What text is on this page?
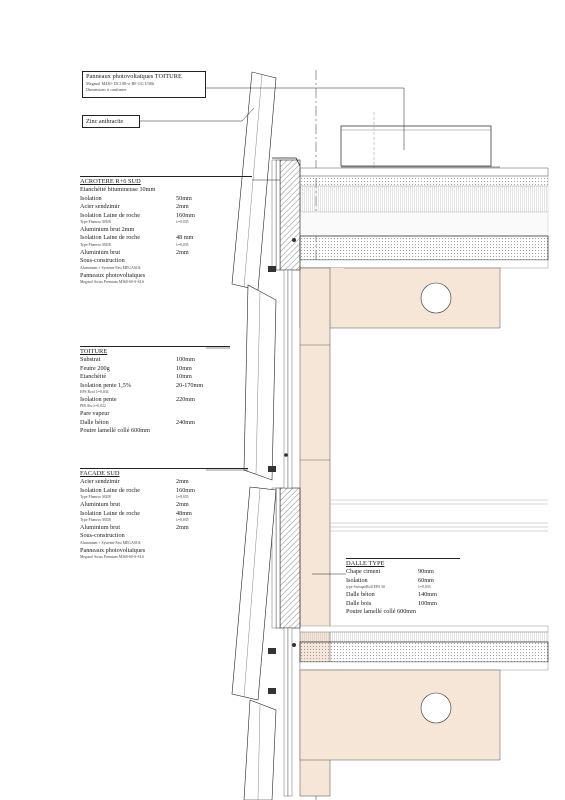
Panneaux photovoltaïques TOITURE
Megasol M430- DC108-w BF GG U30h
Dimensions à confirmer
Zinc anthracite
ACROTERE R+6 SUD
Etanchéité bitumineuse 10mm
Isolation	50mm
Acier sendzimir	2mm
Isolation Laine de roche	160mm
Type Flumroc MUR	λ=0,035
Aluminium brut 2mm
Isolation Laine de roche	48 mm
Type Flumroc MUR	λ=0,035
Aluminium brut	2mm
Sous-construction
Aluminium + Systeme Fast MEGASOL
Panneaux photovoltaïques
Megasol Swiss Premium M360-60-S-SLS
TOITURE
Substrat	100mm
Feutre 200g	10mm
Etanchéité	10mm
Isolation pente 1,5%	20-170mm
EPS Roof λ=0,034
Isolation pente	220mm
PIR Alu λ=0,022
Pare vapeur
Dalle béton	240mm
Poutre lamellé collé 600mm
FACADE SUD
Acier sendzimir	2mm
Isolation Laine de roche	160mm
Type Flumroc MUR	λ=0,035
Aluminium brut	2mm
Isolation Laine de roche	48mm
Type Flumroc MUR	λ=0,035
Aluminium brut	2mm
Sous-construction
Aluminium + Systeme Fast MEGASOL
Panneaux photovoltaïques
Megasol Swiss Premium M360-60-S-SLS
DALLE TYPE
Chape ciment	90mm
Isolation	60mm
type SwisspoRoll EPS 30	λ=0,033
Dalle béton	140mm
Dalle bois	100mm
Poutre lamellé collé 600mm
